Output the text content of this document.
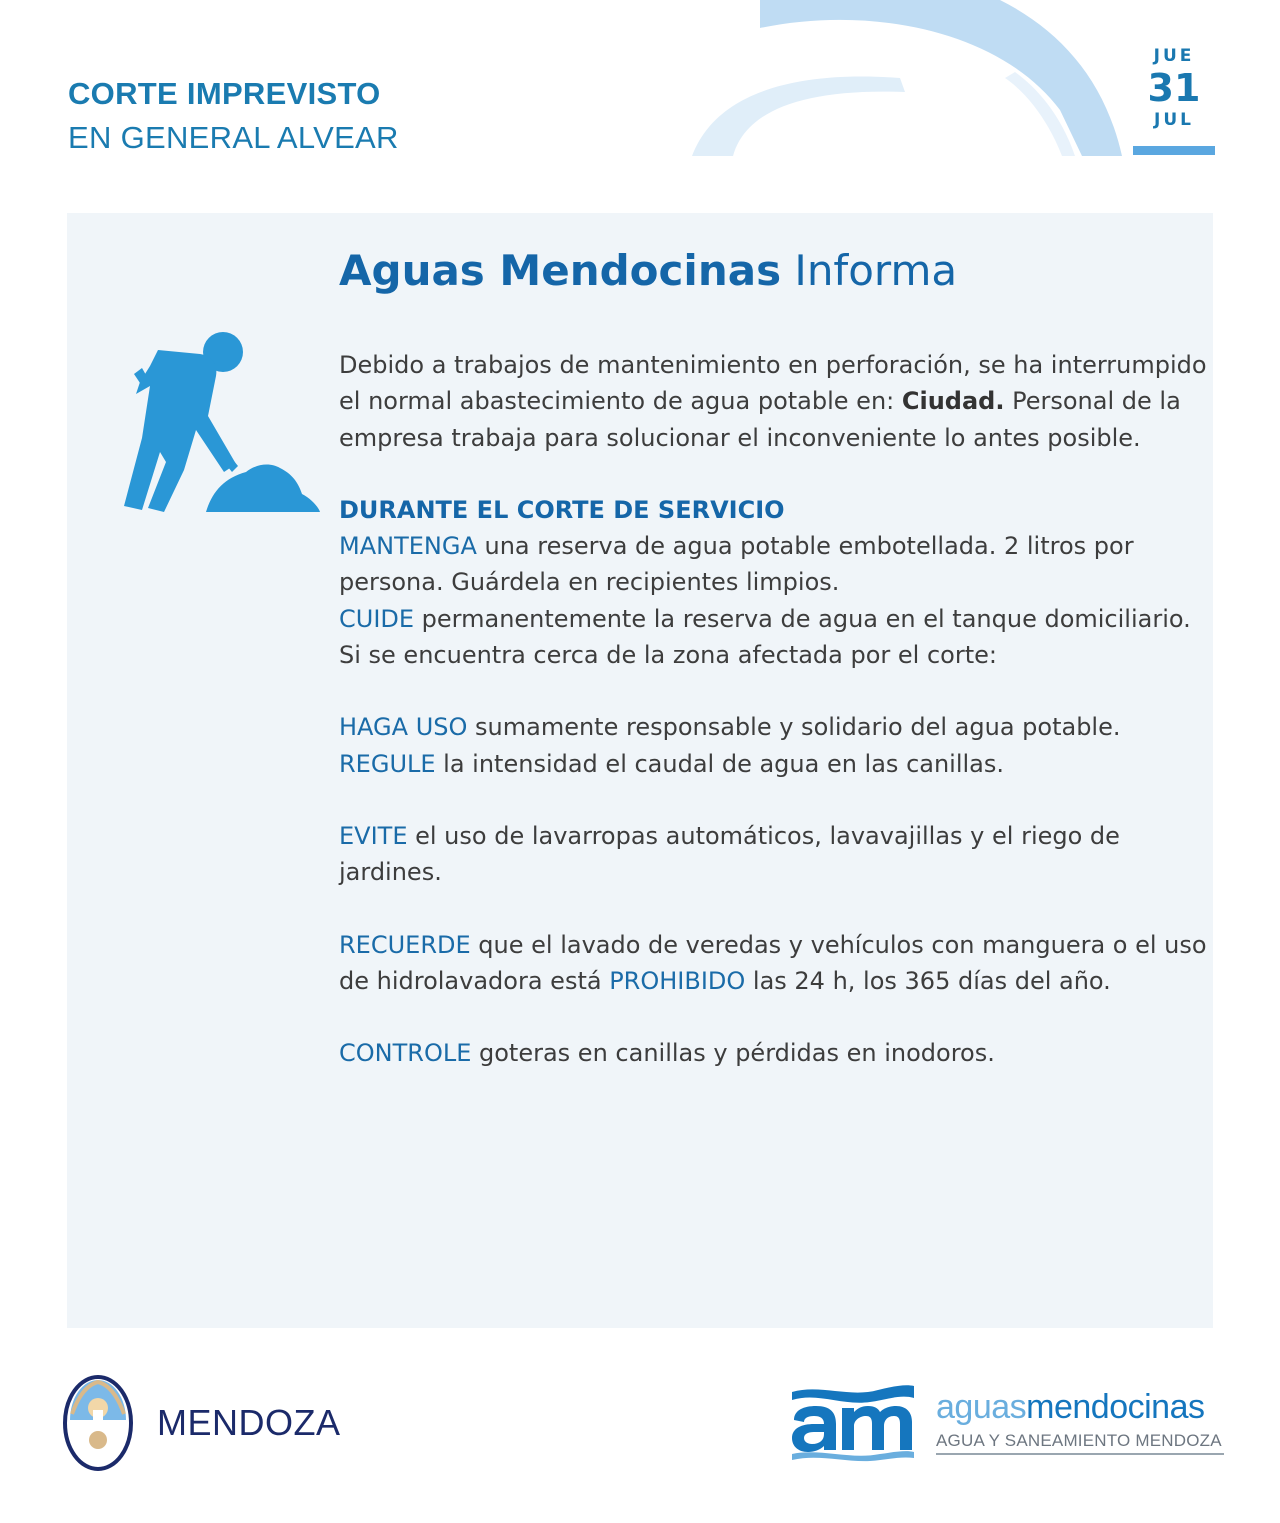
CORTE IMPREVISTO
EN GENERAL ALVEAR
JUE
31
JUL
Aguas Mendocinas Informa

Debido a trabajos de mantenimiento en perforación, se ha interrumpido el normal abastecimiento de agua potable en: Ciudad. Personal de la empresa trabaja para solucionar el inconveniente lo antes posible.

DURANTE EL CORTE DE SERVICIO

MANTENGA una reserva de agua potable embotellada. 2 litros por persona. Guárdela en recipientes limpios.

CUIDE permanentemente la reserva de agua en el tanque domiciliario.

Si se encuentra cerca de la zona afectada por el corte:

HAGA USO sumamente responsable y solidario del agua potable.

REGULE la intensidad el caudal de agua en las canillas.

EVITE el uso de lavarropas automáticos, lavavajillas y el riego de jardines.

RECUERDE que el lavado de veredas y vehículos con manguera o el uso de hidrolavadora está PROHIBIDO las 24 h, los 365 días del año.

CONTROLE goteras en canillas y pérdidas en inodoros.

MENDOZA	aguasmendocinas
AGUA Y SANEAMIENTO MENDOZA
